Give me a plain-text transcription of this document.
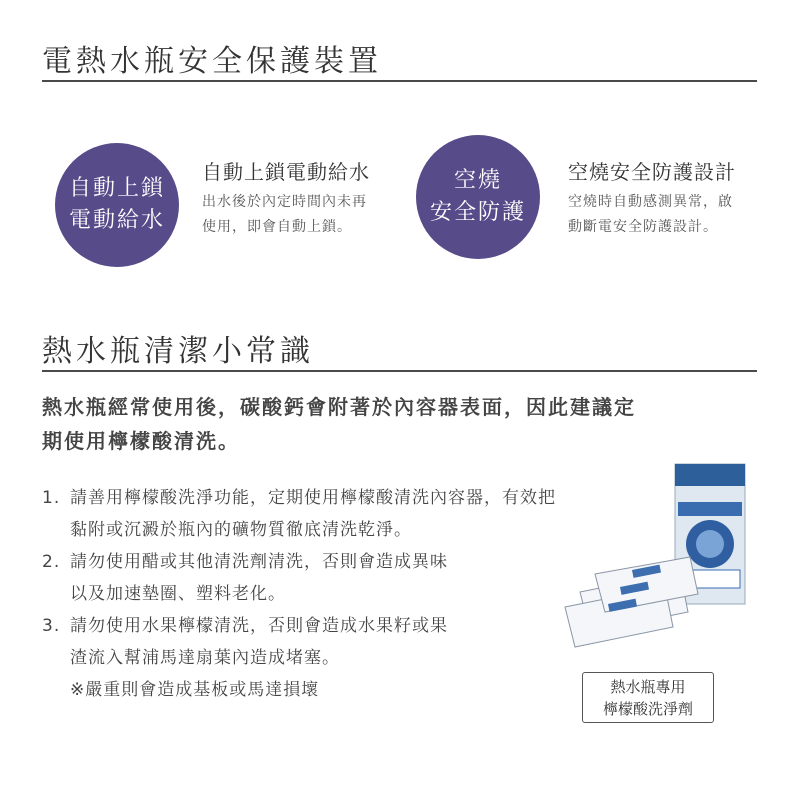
電熱水瓶安全保護裝置
自動上鎖
電動給水
自動上鎖電動給水
出水後於內定時間內未再
使用，即會自動上鎖。
空燒
安全防護
空燒安全防護設計
空燒時自動感測異常，啟
動斷電安全防護設計。
熱水瓶清潔小常識
熱水瓶經常使用後，碳酸鈣會附著於內容器表面，因此建議定
期使用檸檬酸清洗。
1. 請善用檸檬酸洗淨功能，定期使用檸檬酸清洗內容器，有效把
黏附或沉澱於瓶內的礦物質徹底清洗乾淨。
2. 請勿使用醋或其他清洗劑清洗，否則會造成異味
以及加速墊圈、塑料老化。
3. 請勿使用水果檸檬清洗，否則會造成水果籽或果
渣流入幫浦馬達扇葉內造成堵塞。
※嚴重則會造成基板或馬達損壞	熱水瓶專用
檸檬酸洗淨劑
